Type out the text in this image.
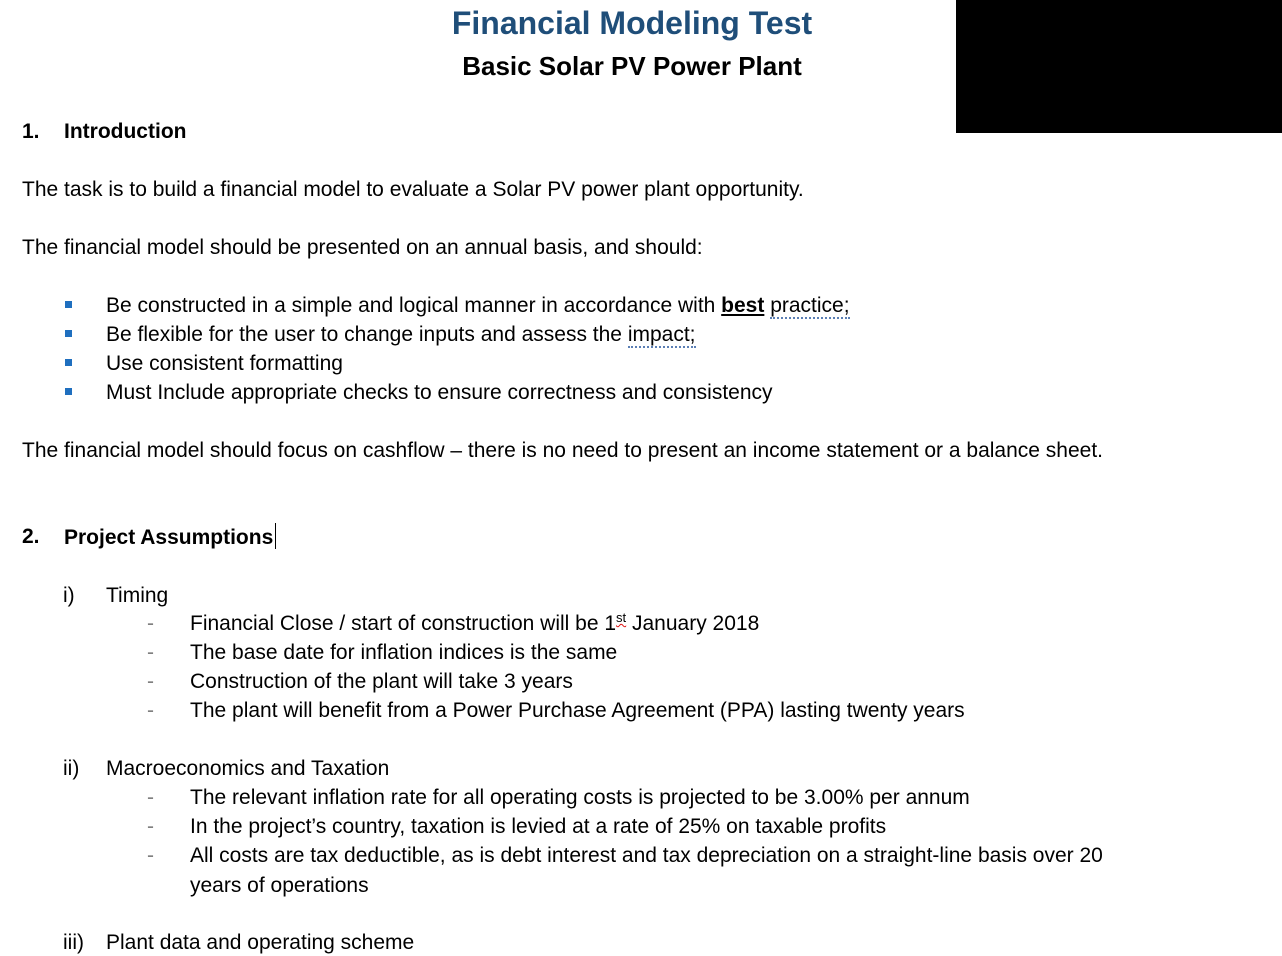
Financial Modeling Test
Basic Solar PV Power Plant
1. Introduction
The task is to build a financial model to evaluate a Solar PV power plant opportunity.
The financial model should be presented on an annual basis, and should:
Be constructed in a simple and logical manner in accordance with best practice;
Be flexible for the user to change inputs and assess the impact;
Use consistent formatting
Must Include appropriate checks to ensure correctness and consistency
The financial model should focus on cashflow – there is no need to present an income statement or a balance sheet.
2. Project Assumptions
i) Timing
- Financial Close / start of construction will be 1st January 2018
- The base date for inflation indices is the same
- Construction of the plant will take 3 years
- The plant will benefit from a Power Purchase Agreement (PPA) lasting twenty years
ii) Macroeconomics and Taxation
- The relevant inflation rate for all operating costs is projected to be 3.00% per annum
- In the project’s country, taxation is levied at a rate of 25% on taxable profits
- All costs are tax deductible, as is debt interest and tax depreciation on a straight-line basis over 20
years of operations
iii) Plant data and operating scheme
